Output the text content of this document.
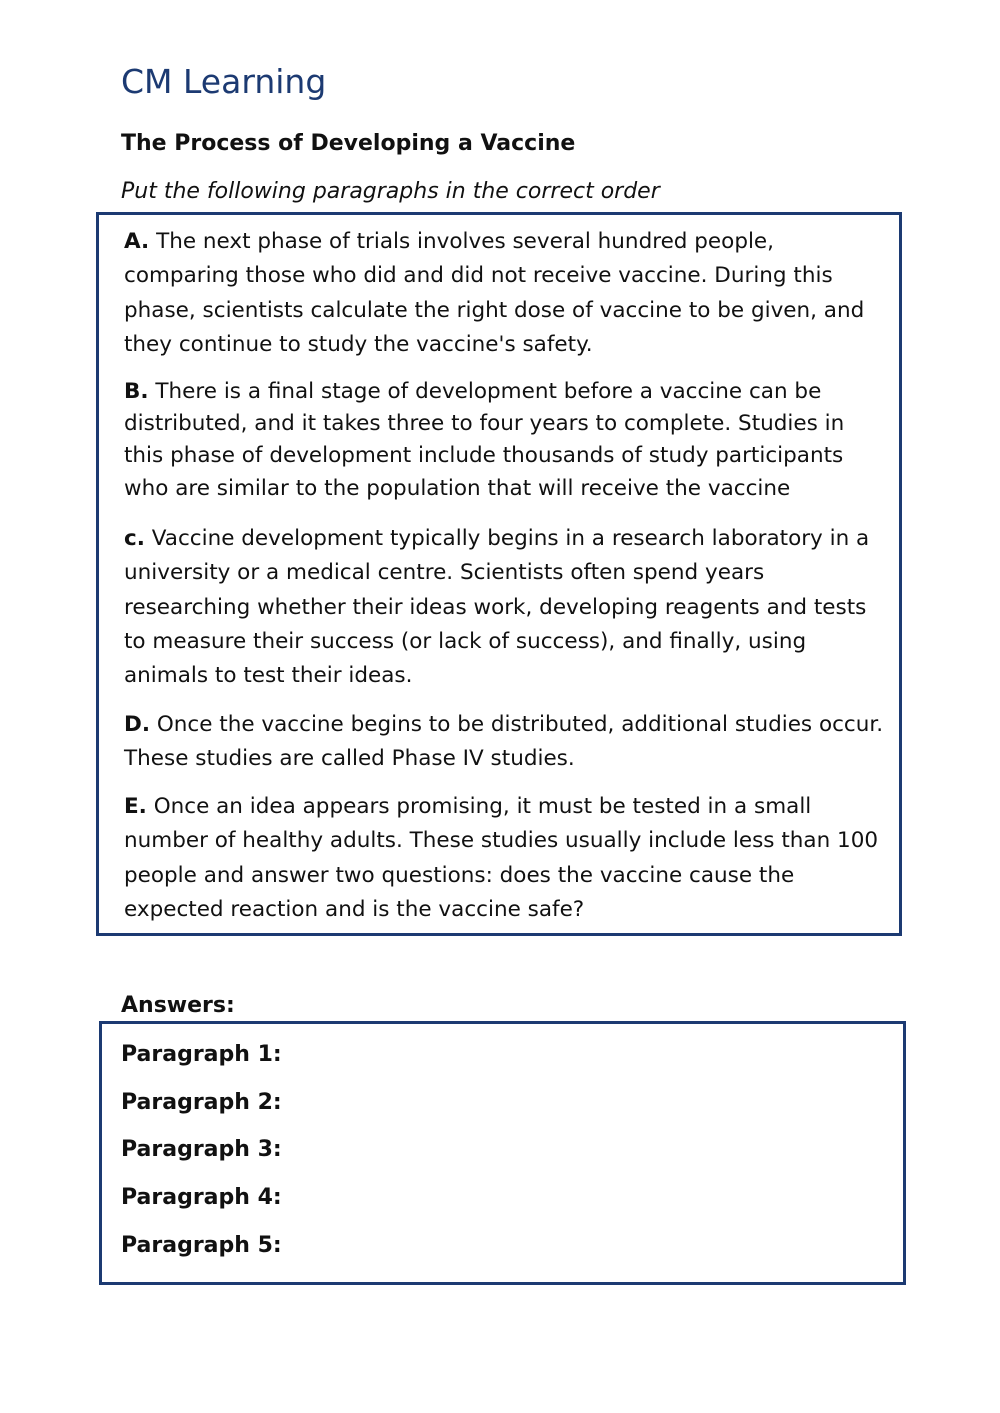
CM Learning
The Process of Developing a Vaccine
Put the following paragraphs in the correct order

A. The next phase of trials involves several hundred people, comparing those who did and did not receive vaccine. During this phase, scientists calculate the right dose of vaccine to be given, and they continue to study the vaccine's safety.

B. There is a final stage of development before a vaccine can be distributed, and it takes three to four years to complete. Studies in this phase of development include thousands of study participants who are similar to the population that will receive the vaccine

c. Vaccine development typically begins in a research laboratory in a university or a medical centre. Scientists often spend years researching whether their ideas work, developing reagents and tests to measure their success (or lack of success), and finally, using animals to test their ideas.

D. Once the vaccine begins to be distributed, additional studies occur. These studies are called Phase IV studies.

E. Once an idea appears promising, it must be tested in a small number of healthy adults. These studies usually include less than 100 people and answer two questions: does the vaccine cause the expected reaction and is the vaccine safe?

Answers:
Paragraph 1:
Paragraph 2:
Paragraph 3:
Paragraph 4:
Paragraph 5:
